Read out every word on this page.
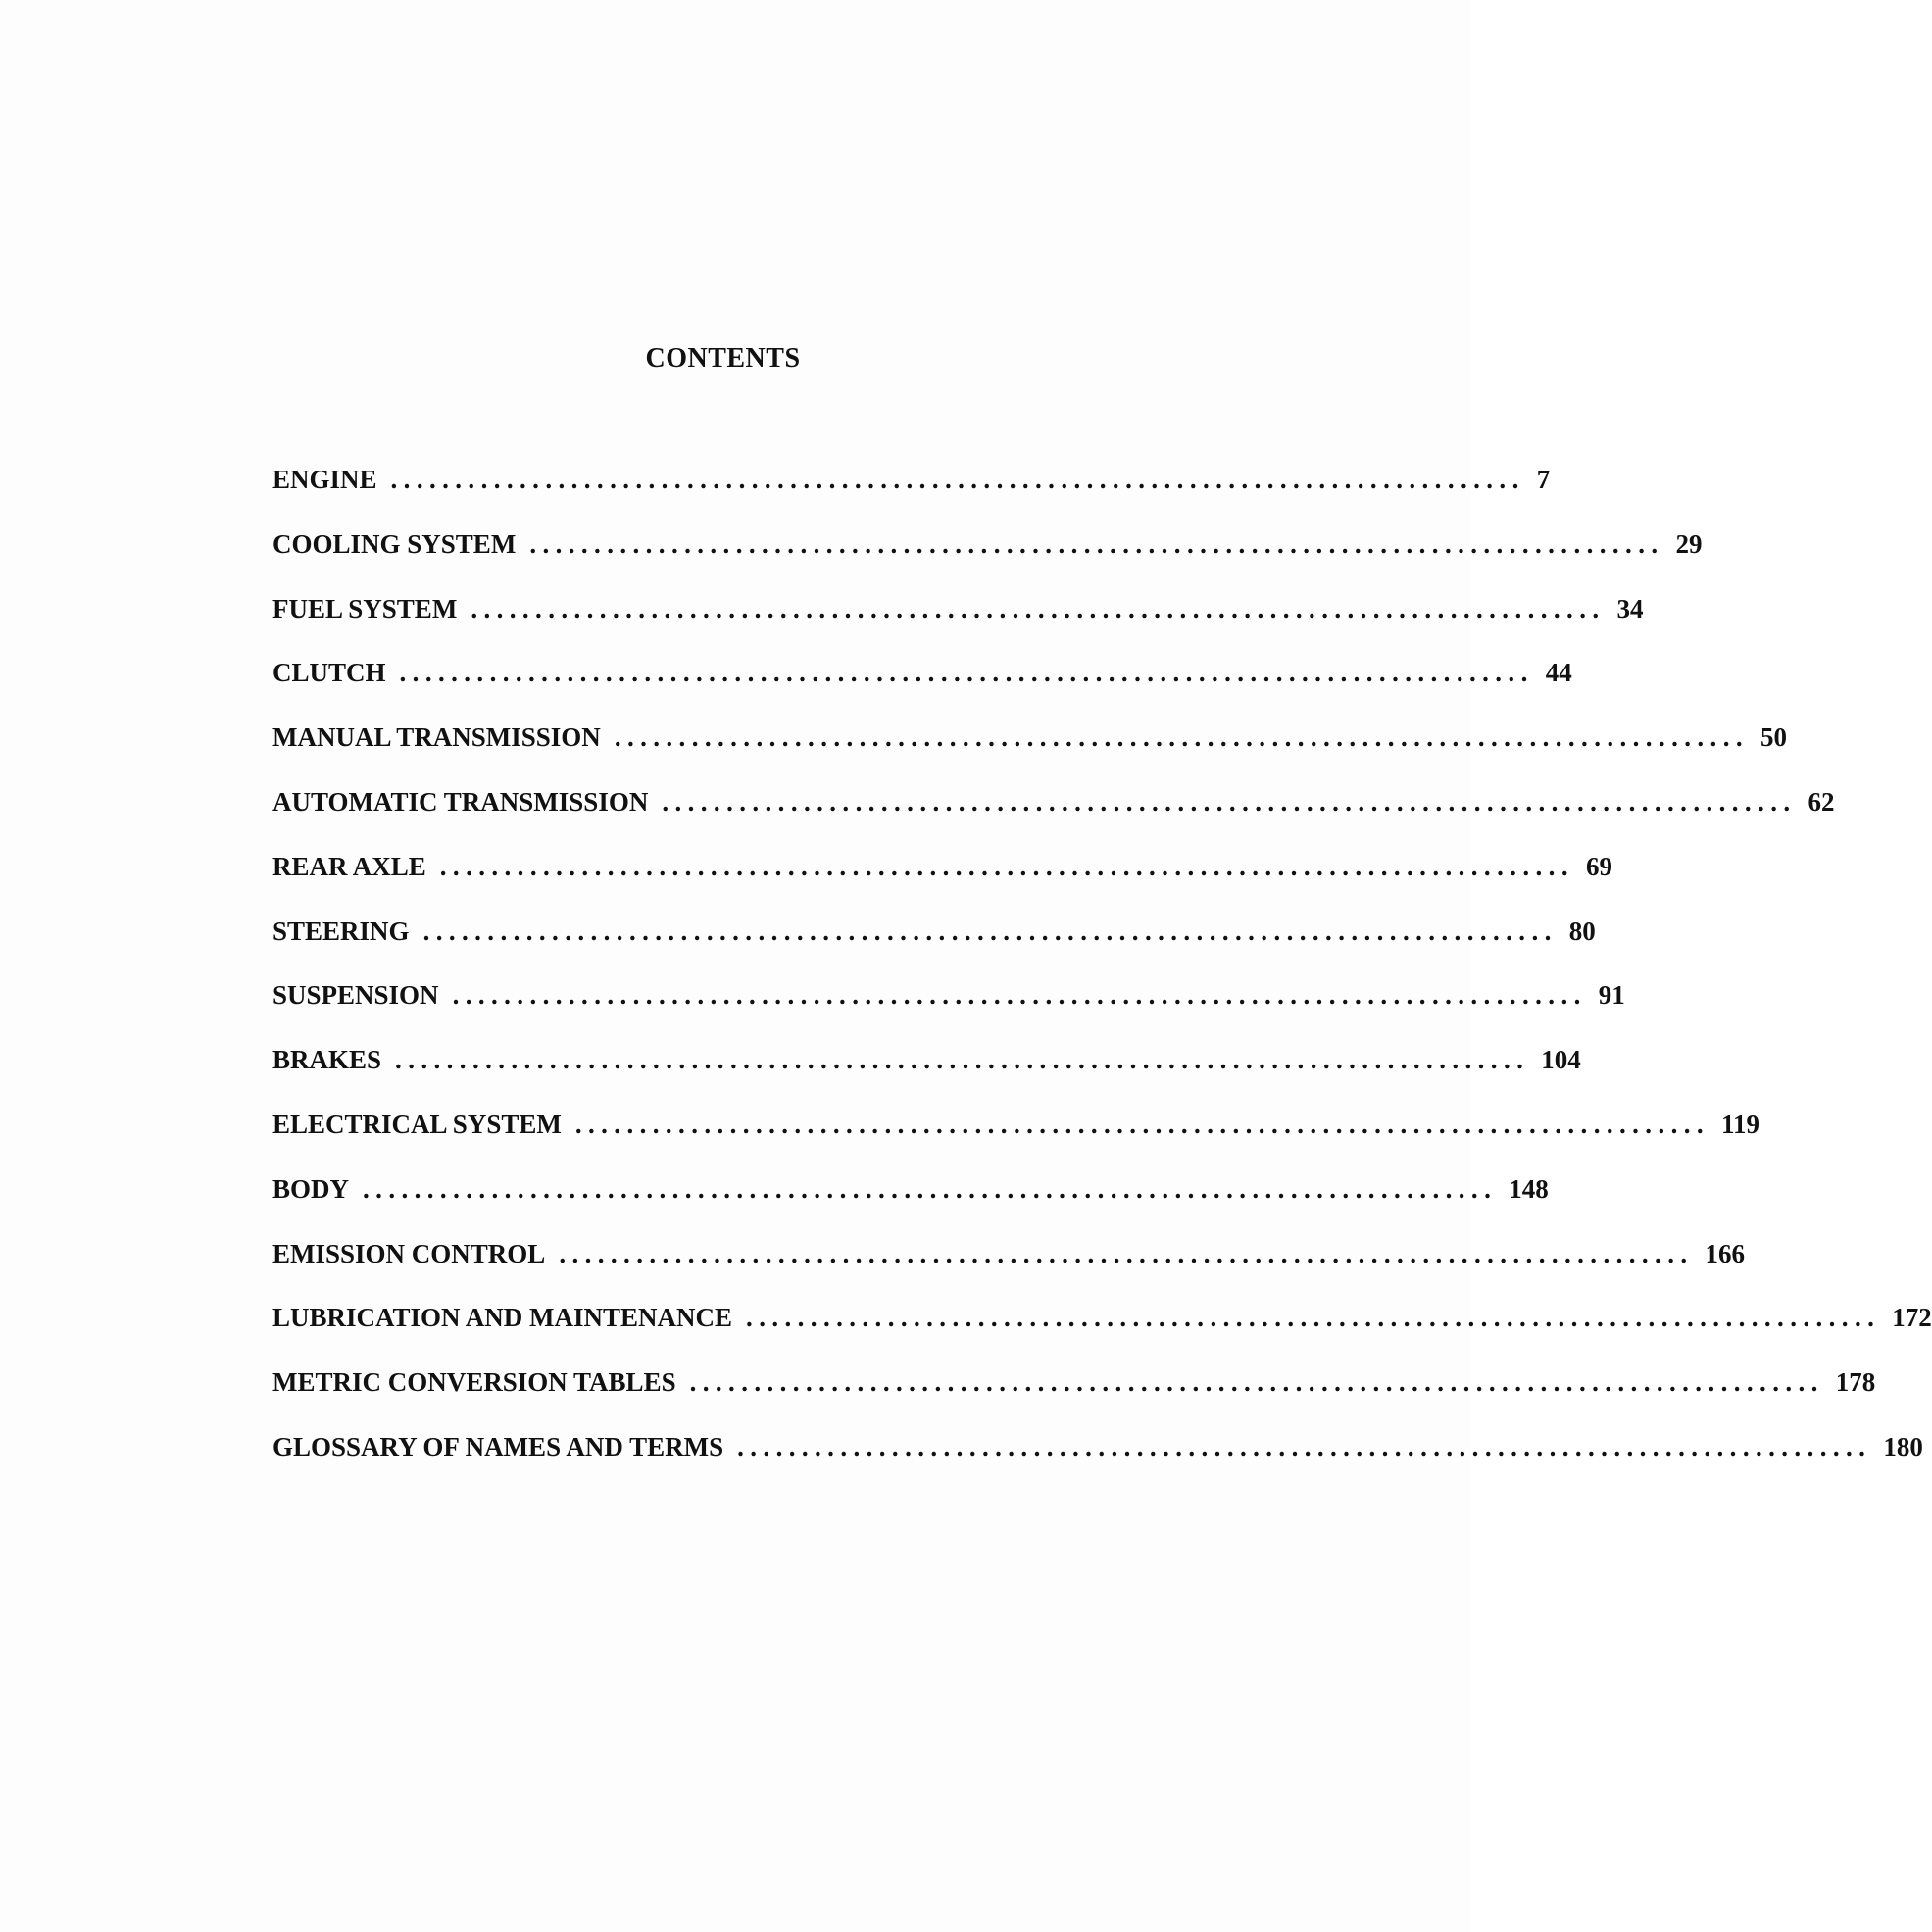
CONTENTS
ENGINE ........................................................................................ 7
COOLING SYSTEM ........................................................................................ 29
FUEL SYSTEM ........................................................................................ 34
CLUTCH ........................................................................................ 44
MANUAL TRANSMISSION ........................................................................................ 50
AUTOMATIC TRANSMISSION ........................................................................................ 62
REAR AXLE ........................................................................................ 69
STEERING ........................................................................................ 80
SUSPENSION ........................................................................................ 91
BRAKES ........................................................................................ 104
ELECTRICAL SYSTEM ........................................................................................ 119
BODY ........................................................................................ 148
EMISSION CONTROL ........................................................................................ 166
LUBRICATION AND MAINTENANCE ........................................................................................ 172
METRIC CONVERSION TABLES ........................................................................................ 178
GLOSSARY OF NAMES AND TERMS ........................................................................................ 180
